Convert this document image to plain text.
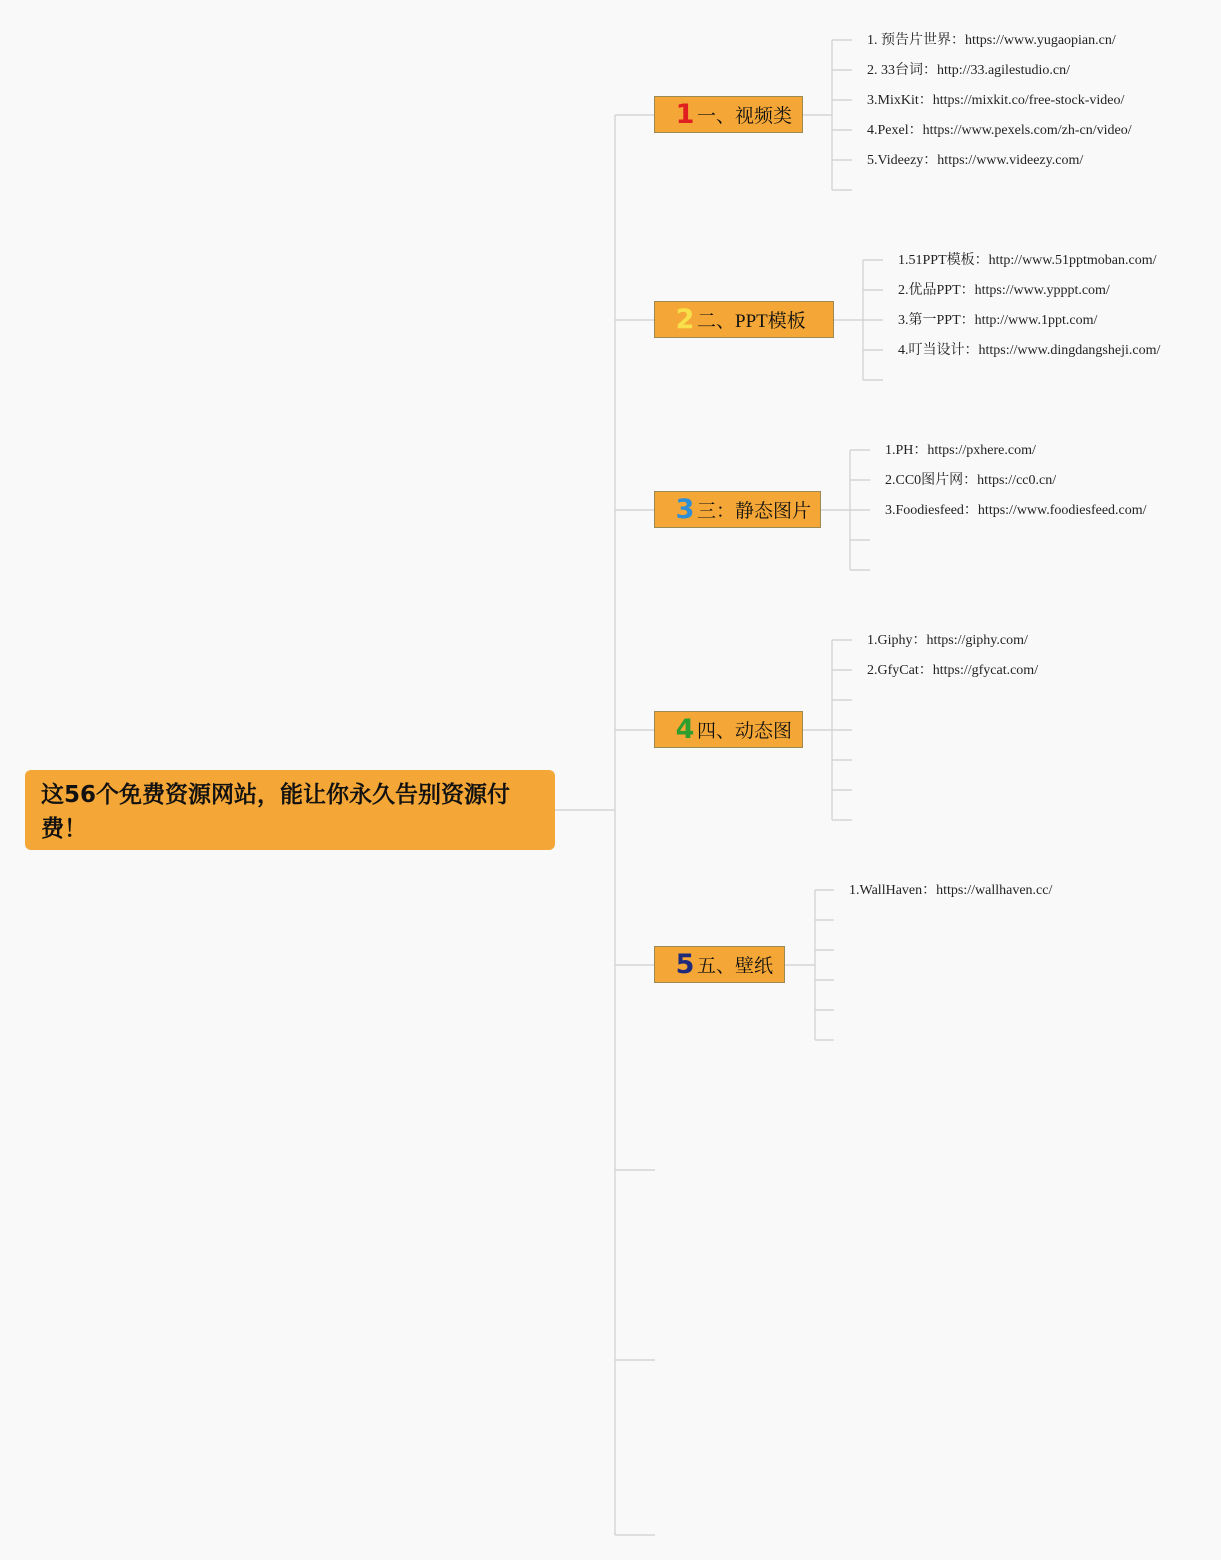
这56个免费资源网站，能让你永久告别资源付费！
1 一、视频类
1. 预告片世界：https://www.yugaopian.cn/
2. 33台词：http://33.agilestudio.cn/
3.MixKit：https://mixkit.co/free-stock-video/
4.Pexel：https://www.pexels.com/zh-cn/video/
5.Videezy：https://www.videezy.com/
2 二、PPT模板
1.51PPT模板：http://www.51pptmoban.com/
2.优品PPT：https://www.ypppt.com/
3.第一PPT：http://www.1ppt.com/
4.叮当设计：https://www.dingdangsheji.com/
3 三：静态图片
1.PH：https://pxhere.com/
2.CC0图片网：https://cc0.cn/
3.Foodiesfeed：https://www.foodiesfeed.com/
4 四、动态图
1.Giphy：https://giphy.com/
2.GfyCat：https://gfycat.com/
5 五、壁纸
1.WallHaven：https://wallhaven.cc/
